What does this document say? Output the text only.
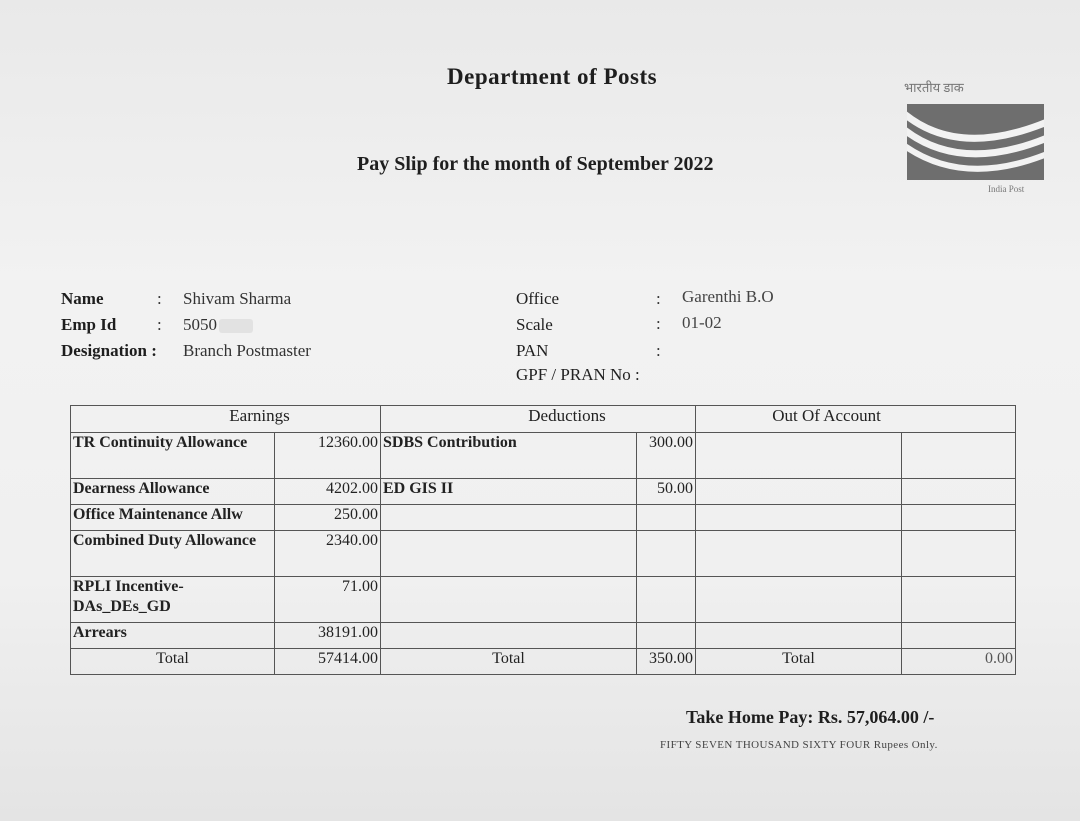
Department of Posts
Pay Slip for the month of September 2022
भारतीय डाक
India Post
Name	: Shivam Sharma
Emp Id : 5050
Designation : Branch Postmaster
Office	: Garenthi B.O
Scale	: 01-02
PAN	:
GPF / PRAN No :
Earnings		Deductions		Out Of Account	
TR Continuity Allowance	12360.00	SDBS Contribution	300.00		
Dearness Allowance	4202.00	ED GIS II	50.00		
Office Maintenance Allw	250.00				
Combined Duty Allowance	2340.00				
RPLI Incentive-DAs_DEs_GD	71.00				
Arrears	38191.00				
Total	57414.00	Total	350.00	Total	0.00
Take Home Pay: Rs. 57,064.00 /-
FIFTY SEVEN THOUSAND SIXTY FOUR Rupees Only.
